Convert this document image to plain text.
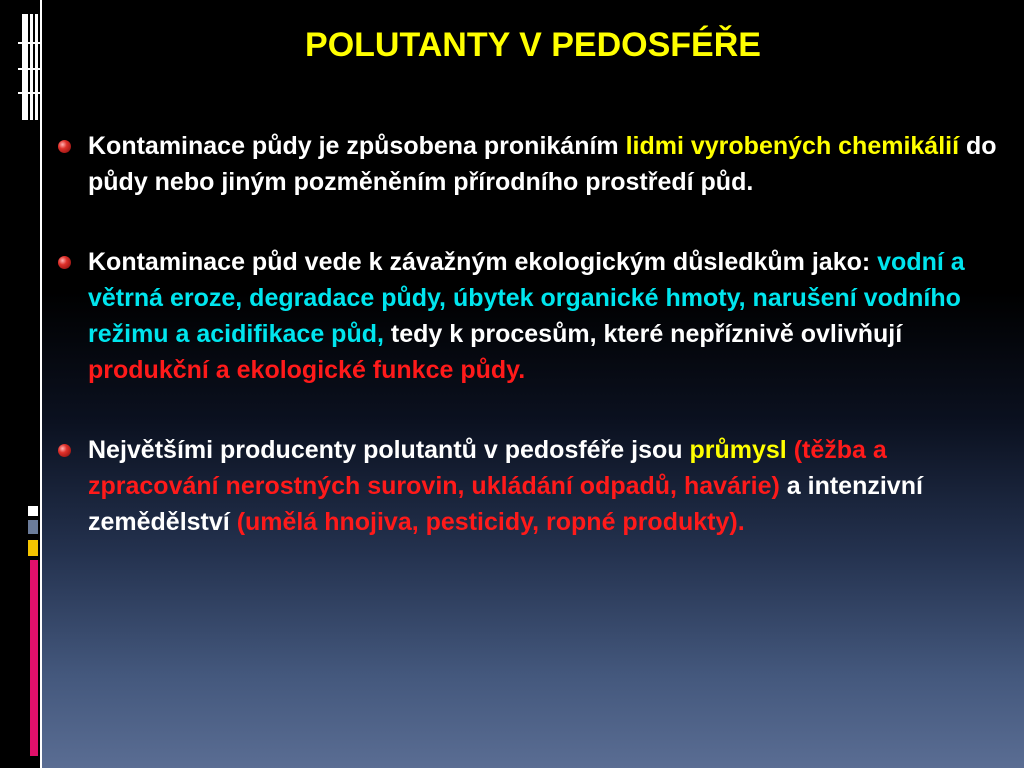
POLUTANTY V PEDOSFÉŘE
Kontaminace půdy je způsobena pronikáním lidmi vyrobených chemikálií do půdy nebo jiným pozměněním přírodního prostředí půd.
Kontaminace půd vede k závažným ekologickým důsledkům jako: vodní a větrná eroze, degradace půdy, úbytek organické hmoty, narušení vodního režimu a acidifikace půd, tedy k procesům, které nepříznivě ovlivňují produkční a ekologické funkce půdy.
Největšími producenty polutantů v pedosféře jsou průmysl (těžba a zpracování nerostných surovin, ukládání odpadů, havárie) a intenzivní zemědělství (umělá hnojiva, pesticidy, ropné produkty).
